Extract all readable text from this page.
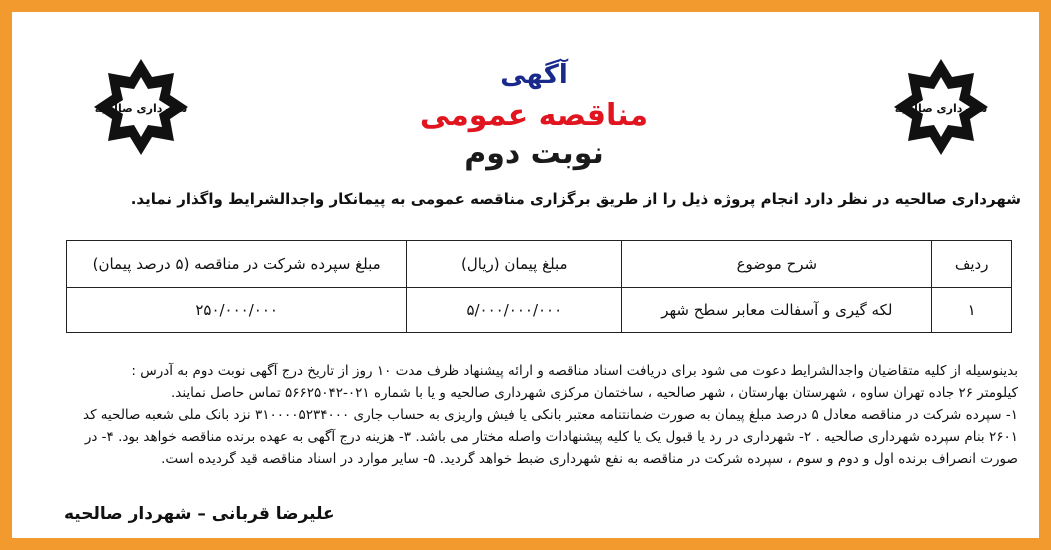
شهرداری صالحیه
شهرداری صالحیه
آگهی
مناقصه عمومی
نوبت دوم
شهرداری صالحیه در نظر دارد انجام پروژه ذیل را از طریق برگزاری مناقصه عمومی به پیمانکار واجدالشرایط واگذار نماید.
ردیف	شرح موضوع	مبلغ پیمان (ریال)	مبلغ سپرده شرکت در مناقصه (۵ درصد پیمان)
۱	لکه گیری و آسفالت معابر سطح شهر	۵/۰۰۰/۰۰۰/۰۰۰	۲۵۰/۰۰۰/۰۰۰

بدینوسیله از کلیه متقاضیان واجدالشرایط دعوت می شود برای دریافت اسناد مناقصه و ارائه پیشنهاد ظرف مدت ۱۰ روز از تاریخ درج آگهی نوبت دوم به آدرس :

کیلومتر ۲۶ جاده تهران ساوه ، شهرستان بهارستان ، شهر صالحیه ، ساختمان مرکزی شهرداری صالحیه و یا با شماره ۰۲۱-۵۶۶۲۵۰۴۲ تماس حاصل نمایند.

۱- سپرده شرکت در مناقصه معادل ۵ درصد مبلغ پیمان به صورت ضمانتنامه معتبر بانکی یا فیش واریزی به حساب جاری ۳۱۰۰۰۰۵۲۳۴۰۰۰ نزد بانک ملی شعبه صالحیه کد ۲۶۰۱ بنام سپرده شهرداری صالحیه . ۲- شهرداری در رد یا قبول یک یا کلیه پیشنهادات واصله مختار می باشد. ۳- هزینه درج آگهی به عهده برنده مناقصه خواهد بود. ۴- در صورت انصراف برنده اول و دوم و سوم ، سپرده شرکت در مناقصه به نفع شهرداری ضبط خواهد گردید. ۵- سایر موارد در اسناد مناقصه قید گردیده است.

علیرضا قربانی – شهردار صالحیه
